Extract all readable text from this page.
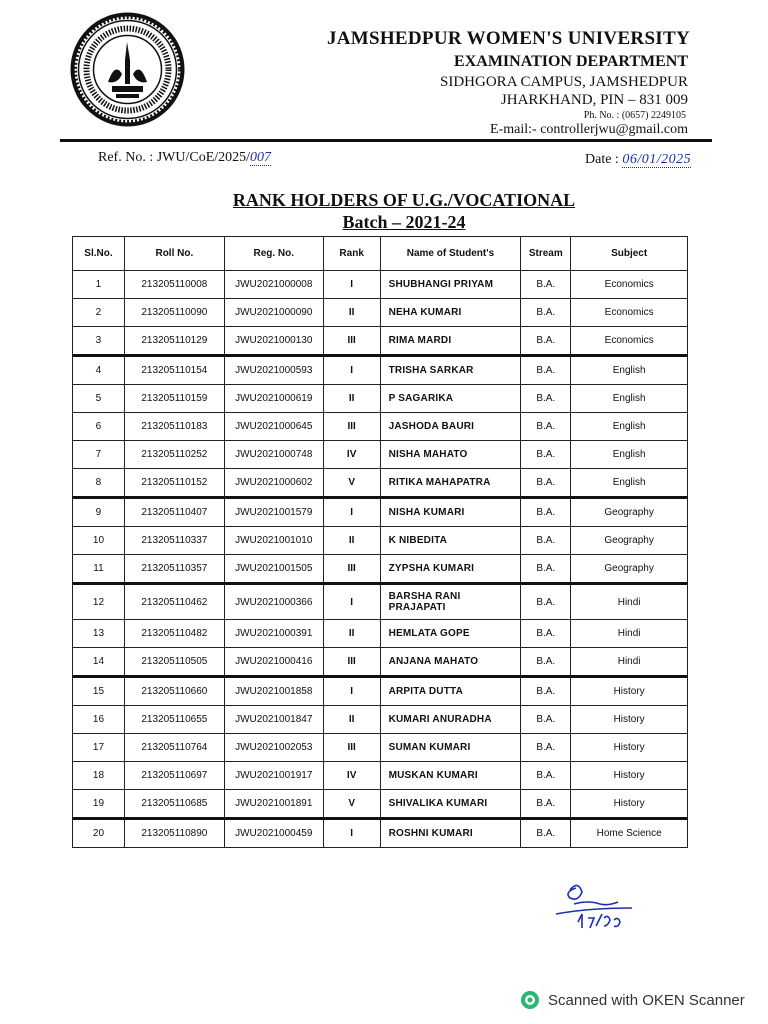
JAMSHEDPUR WOMEN'S UNIVERSITY
EXAMINATION DEPARTMENT
SIDHGORA CAMPUS, JAMSHEDPUR
JHARKHAND, PIN – 831 009
Ph. No. : (0657) 2249105
E-mail:- controllerjwu@gmail.com
Ref. No. : JWU/CoE/2025/007	Date : 06/01/2025
RANK HOLDERS OF U.G./VOCATIONAL
Batch – 2021-24
Sl.No.	Roll No.	Reg. No.	Rank	Name of Student's	Stream	Subject
1	213205110008	JWU2021000008	I	SHUBHANGI PRIYAM	B.A.	Economics
2	213205110090	JWU2021000090	II	NEHA KUMARI	B.A.	Economics
3	213205110129	JWU2021000130	III	RIMA MARDI	B.A.	Economics
4	213205110154	JWU2021000593	I	TRISHA SARKAR	B.A.	English
5	213205110159	JWU2021000619	II	P SAGARIKA	B.A.	English
6	213205110183	JWU2021000645	III	JASHODA BAURI	B.A.	English
7	213205110252	JWU2021000748	IV	NISHA MAHATO	B.A.	English
8	213205110152	JWU2021000602	V	RITIKA MAHAPATRA	B.A.	English
9	213205110407	JWU2021001579	I	NISHA KUMARI	B.A.	Geography
10	213205110337	JWU2021001010	II	K NIBEDITA	B.A.	Geography
11	213205110357	JWU2021001505	III	ZYPSHA KUMARI	B.A.	Geography
12	213205110462	JWU2021000366	I	BARSHA RANI PRAJAPATI	B.A.	Hindi
13	213205110482	JWU2021000391	II	HEMLATA GOPE	B.A.	Hindi
14	213205110505	JWU2021000416	III	ANJANA MAHATO	B.A.	Hindi
15	213205110660	JWU2021001858	I	ARPITA DUTTA	B.A.	History
16	213205110655	JWU2021001847	II	KUMARI ANURADHA	B.A.	History
17	213205110764	JWU2021002053	III	SUMAN KUMARI	B.A.	History
18	213205110697	JWU2021001917	IV	MUSKAN KUMARI	B.A.	History
19	213205110685	JWU2021001891	V	SHIVALIKA KUMARI	B.A.	History
20	213205110890	JWU2021000459	I	ROSHNI KUMARI	B.A.	Home Science
Scanned with OKEN Scanner
